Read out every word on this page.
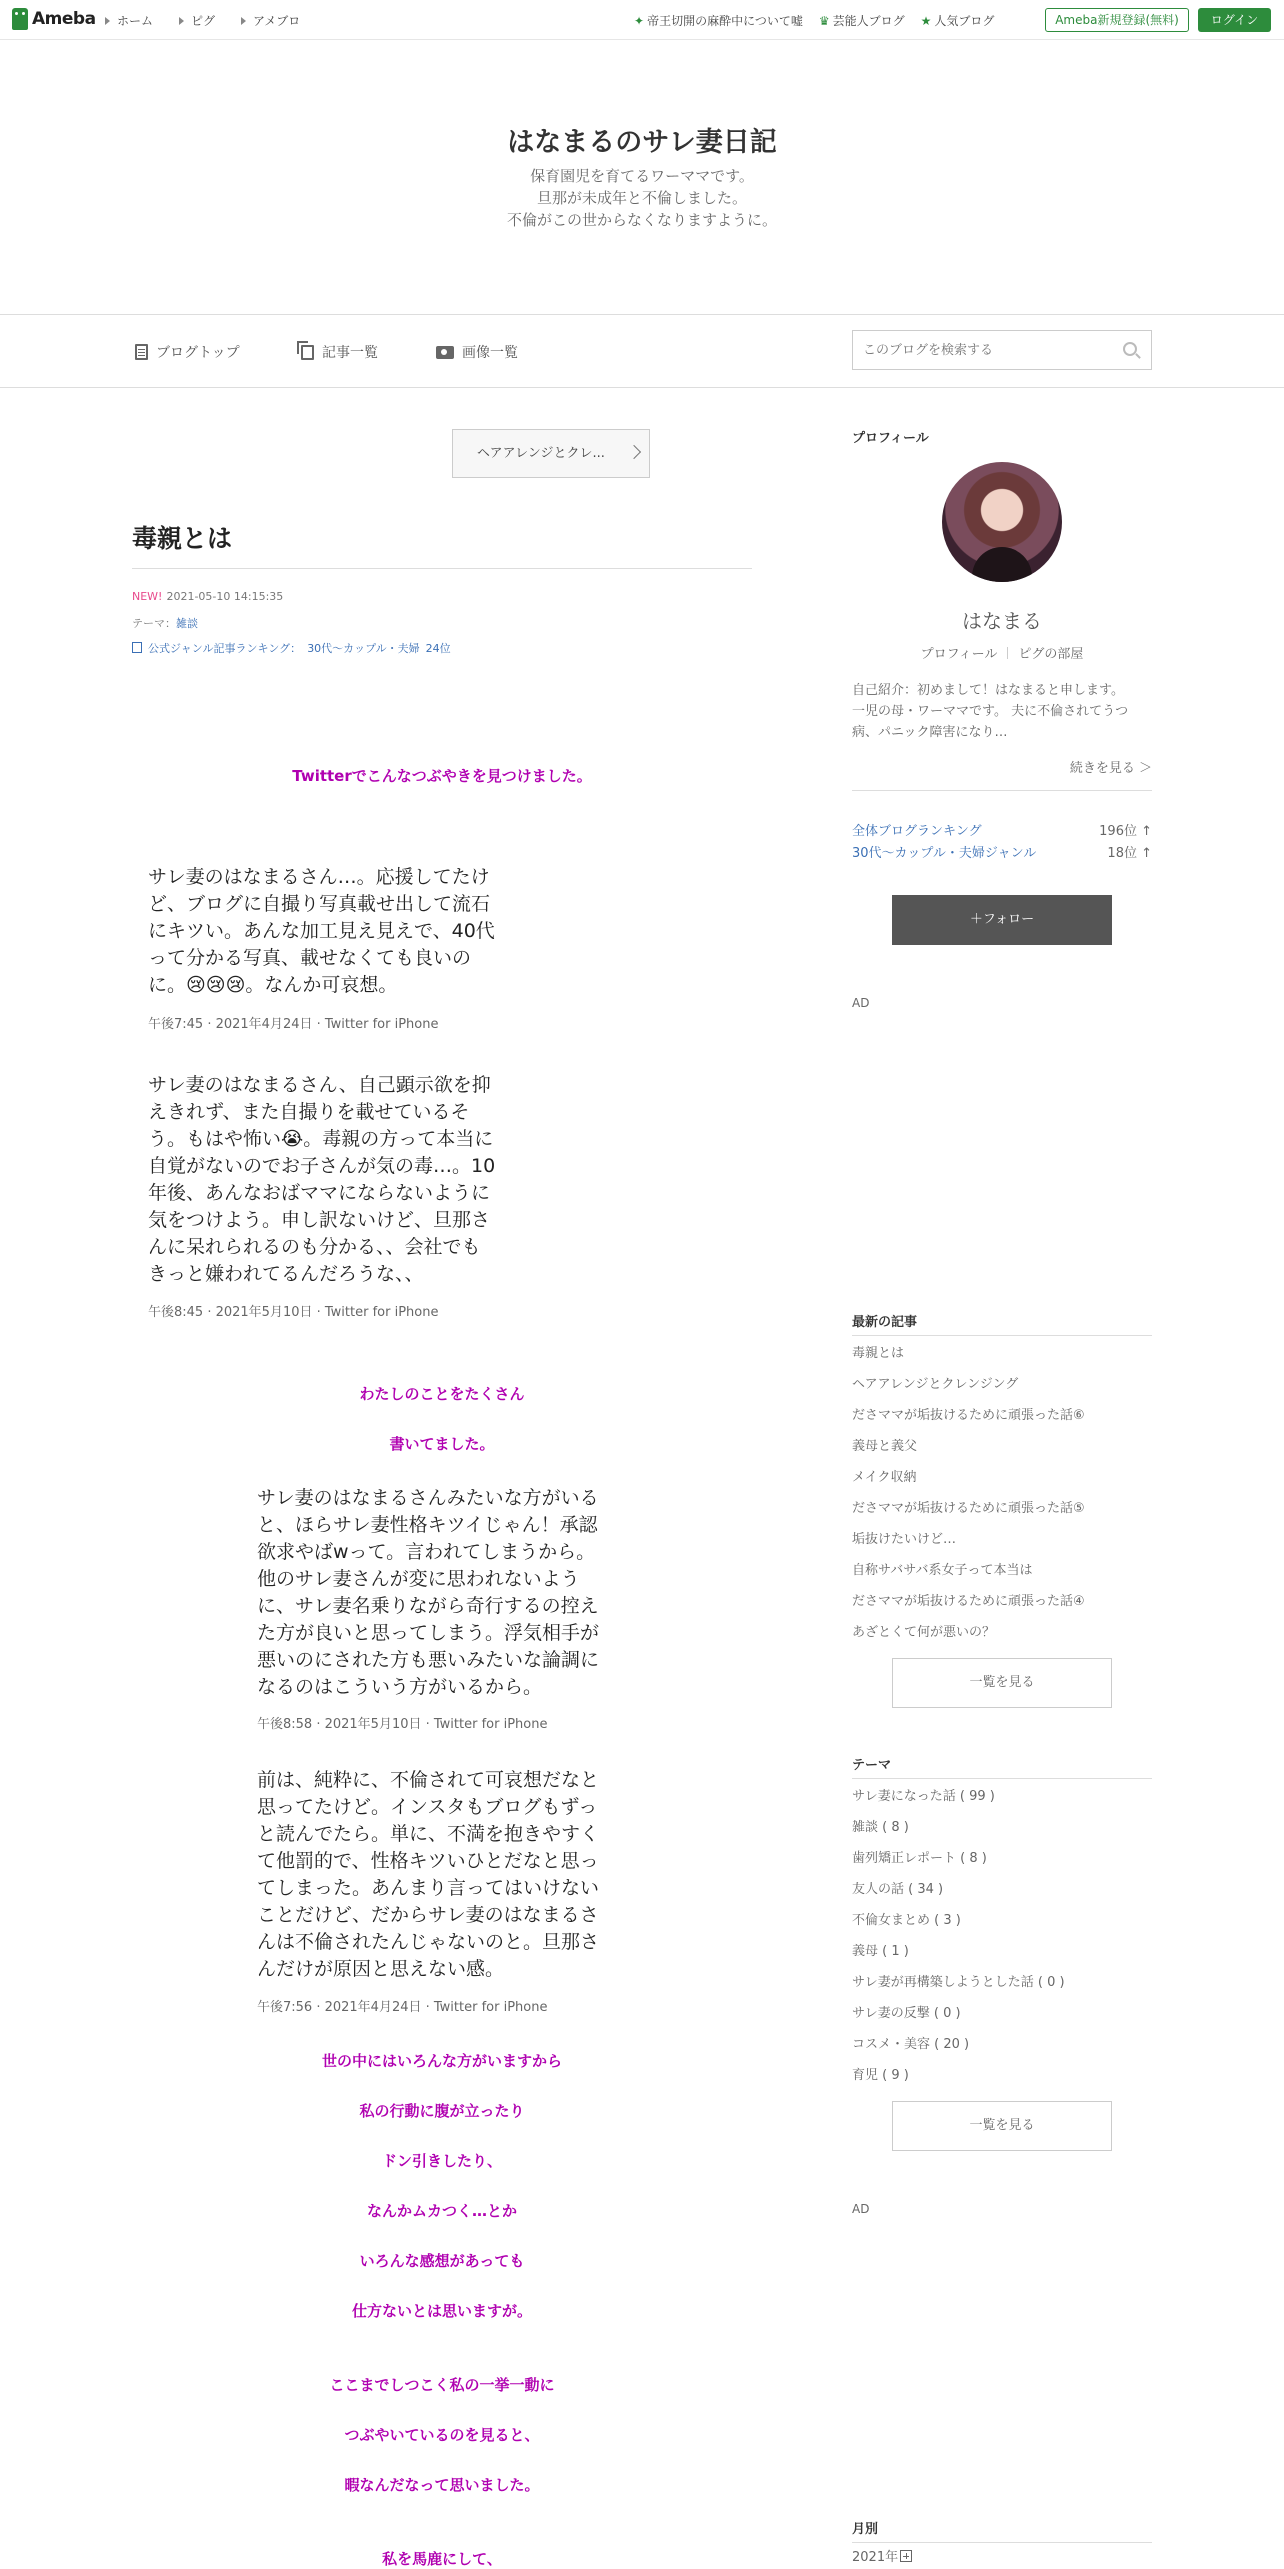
Ameba	ホーム	ピグ	アメブロ	✦ 帝王切開の麻酔中について嘘 ♛ 芸能人ブログ ★ 人気ブログ	Ameba新規登録(無料)	ログイン
はなまるのサレ妻日記
保育園児を育てるワーママです。
旦那が未成年と不倫しました。
不倫がこの世からなくなりますように。
ブログトップ	記事一覧	画像一覧
このブログを検索する
ヘアアレンジとクレ...
毒親とは
NEW! 2021-05-10 14:15:35
テーマ：雑談
公式ジャンル記事ランキング： 30代〜カップル・夫婦 24位
Twitterでこんなつぶやきを見つけました。
サレ妻のはなまるさん…。応援してたけ
ど、ブログに自撮り写真載せ出して流石
にキツい。あんな加工見え見えで、40代
って分かる写真、載せなくても良いの
に。😢😢😢。なんか可哀想。
午後7:45 · 2021年4月24日 · Twitter for iPhone
サレ妻のはなまるさん、自己顕示欲を抑
えきれず、また自撮りを載せているそ
う。もはや怖い😭。毒親の方って本当に
自覚がないのでお子さんが気の毒…。10
年後、あんなおばママにならないように
気をつけよう。申し訳ないけど、旦那さ
んに呆れられるのも分かる、、会社でも
きっと嫌われてるんだろうな、、
午後8:45 · 2021年5月10日 · Twitter for iPhone
わたしのことをたくさん
書いてました。
サレ妻のはなまるさんみたいな方がいる
と、ほらサレ妻性格キツイじゃん！承認
欲求やばwって。言われてしまうから。
他のサレ妻さんが変に思われないよう
に、サレ妻名乗りながら奇行するの控え
た方が良いと思ってしまう。浮気相手が
悪いのにされた方も悪いみたいな論調に
なるのはこういう方がいるから。
午後8:58 · 2021年5月10日 · Twitter for iPhone
前は、純粋に、不倫されて可哀想だなと
思ってたけど。インスタもブログもずっ
と読んでたら。単に、不満を抱きやすく
て他罰的で、性格キツいひとだなと思っ
てしまった。あんまり言ってはいけない
ことだけど、だからサレ妻のはなまるさ
んは不倫されたんじゃないのと。旦那さ
んだけが原因と思えない感。
午後7:56 · 2021年4月24日 · Twitter for iPhone
世の中にはいろんな方がいますから
私の行動に腹が立ったり
ドン引きしたり、
なんかムカつく…とか
いろんな感想があっても
仕方ないとは思いますが。
ここまでしつこく私の一挙一動に
つぶやいているのを見ると、
暇なんだなって思いました。
私を馬鹿にして、
プロフィール
はなまる
プロフィール ピグの部屋
自己紹介：初めまして！はなまると申します。
一児の母・ワーママです。 夫に不倫されてうつ
病、パニック障害になり…
続きを見る ＞
全体ブログランキング	196位 ↑
30代〜カップル・夫婦ジャンル	18位 ↑
＋フォロー
AD
最新の記事
毒親とは
ヘアアレンジとクレンジング
ださママが垢抜けるために頑張った話⑥
義母と義父
メイク収納
ださママが垢抜けるために頑張った話⑤
垢抜けたいけど…
自称サバサバ系女子って本当は
ださママが垢抜けるために頑張った話④
あざとくて何が悪いの？
一覧を見る
テーマ
サレ妻になった話 ( 99 )
雑談 ( 8 )
歯列矯正レポート ( 8 )
友人の話 ( 34 )
不倫女まとめ ( 3 )
義母 ( 1 )
サレ妻が再構築しようとした話 ( 0 )
サレ妻の反撃 ( 0 )
コスメ・美容 ( 20 )
育児 ( 9 )
一覧を見る
AD
月別
2021年
